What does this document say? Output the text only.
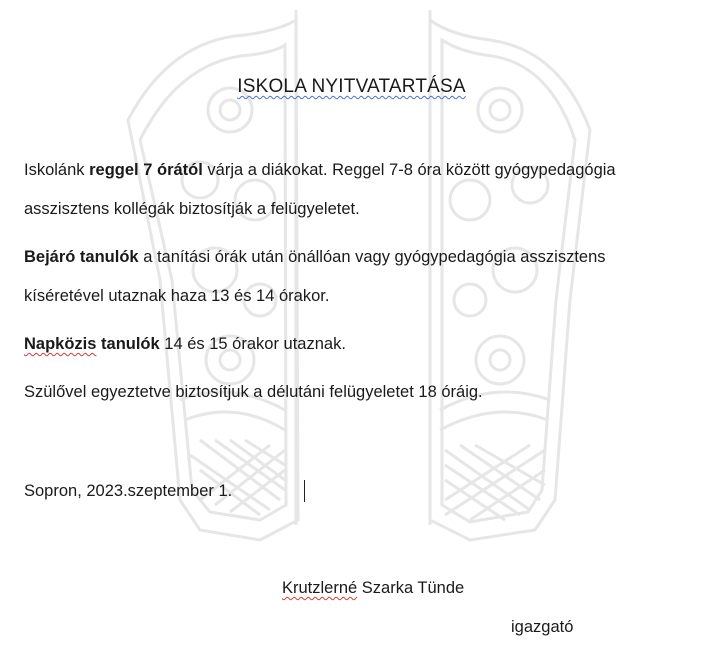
ISKOLA NYITVATARTÁSA
Iskolánk reggel 7 órától várja a diákokat. Reggel 7-8 óra között gyógypedagógia
asszisztens kollégák biztosítják a felügyeletet.
Bejáró tanulók a tanítási órák után önállóan vagy gyógypedagógia asszisztens
kíséretével utaznak haza 13 és 14 órakor.
Napközis tanulók 14 és 15 órakor utaznak.
Szülővel egyeztetve biztosítjuk a délutáni felügyeletet 18 óráig.
Sopron, 2023.szeptember 1.
Krutzlerné Szarka Tünde
igazgató
